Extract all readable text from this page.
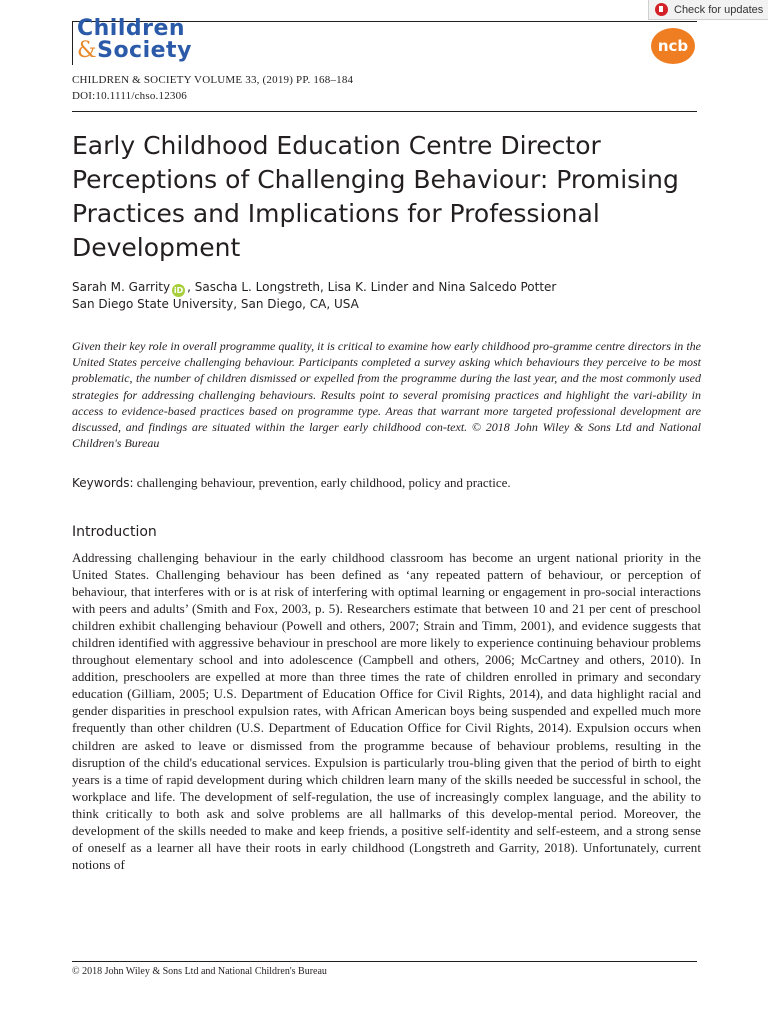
Check for updates
Children
&Society	ncb
CHILDREN & SOCIETY VOLUME 33, (2019) PP. 168–184
DOI:10.1111/chso.12306
Early Childhood Education Centre Director Perceptions of Challenging Behaviour: Promising Practices and Implications for Professional Development
Sarah M. Garrity iD , Sascha L. Longstreth, Lisa K. Linder and Nina Salcedo Potter
San Diego State University, San Diego, CA, USA

Given their key role in overall programme quality, it is critical to examine how early childhood pro-gramme centre directors in the United States perceive challenging behaviour. Participants completed a survey asking which behaviours they perceive to be most problematic, the number of children dismissed or expelled from the programme during the last year, and the most commonly used strategies for addressing challenging behaviours. Results point to several promising practices and highlight the vari-ability in access to evidence-based practices based on programme type. Areas that warrant more targeted professional development are discussed, and findings are situated within the larger early childhood con-text. © 2018 John Wiley & Sons Ltd and National Children's Bureau

Keywords: challenging behaviour, prevention, early childhood, policy and practice.
Introduction

Addressing challenging behaviour in the early childhood classroom has become an urgent national priority in the United States. Challenging behaviour has been defined as ‘any repeated pattern of behaviour, or perception of behaviour, that interferes with or is at risk of interfering with optimal learning or engagement in pro-social interactions with peers and adults’ (Smith and Fox, 2003, p. 5). Researchers estimate that between 10 and 21 per cent of preschool children exhibit challenging behaviour (Powell and others, 2007; Strain and Timm, 2001), and evidence suggests that children identified with aggressive behaviour in preschool are more likely to experience continuing behaviour problems throughout elementary school and into adolescence (Campbell and others, 2006; McCartney and others, 2010). In addition, preschoolers are expelled at more than three times the rate of children enrolled in primary and secondary education (Gilliam, 2005; U.S. Department of Education Office for Civil Rights, 2014), and data highlight racial and gender disparities in preschool expulsion rates, with African American boys being suspended and expelled much more frequently than other children (U.S. Department of Education Office for Civil Rights, 2014). Expulsion occurs when children are asked to leave or dismissed from the programme because of behaviour problems, resulting in the disruption of the child's educational services. Expulsion is particularly trou-bling given that the period of birth to eight years is a time of rapid development during which children learn many of the skills needed be successful in school, the workplace and life. The development of self-regulation, the use of increasingly complex language, and the ability to think critically to both ask and solve problems are all hallmarks of this develop-mental period. Moreover, the development of the skills needed to make and keep friends, a positive self-identity and self-esteem, and a strong sense of oneself as a learner all have their roots in early childhood (Longstreth and Garrity, 2018). Unfortunately, current notions of

© 2018 John Wiley & Sons Ltd and National Children's Bureau
